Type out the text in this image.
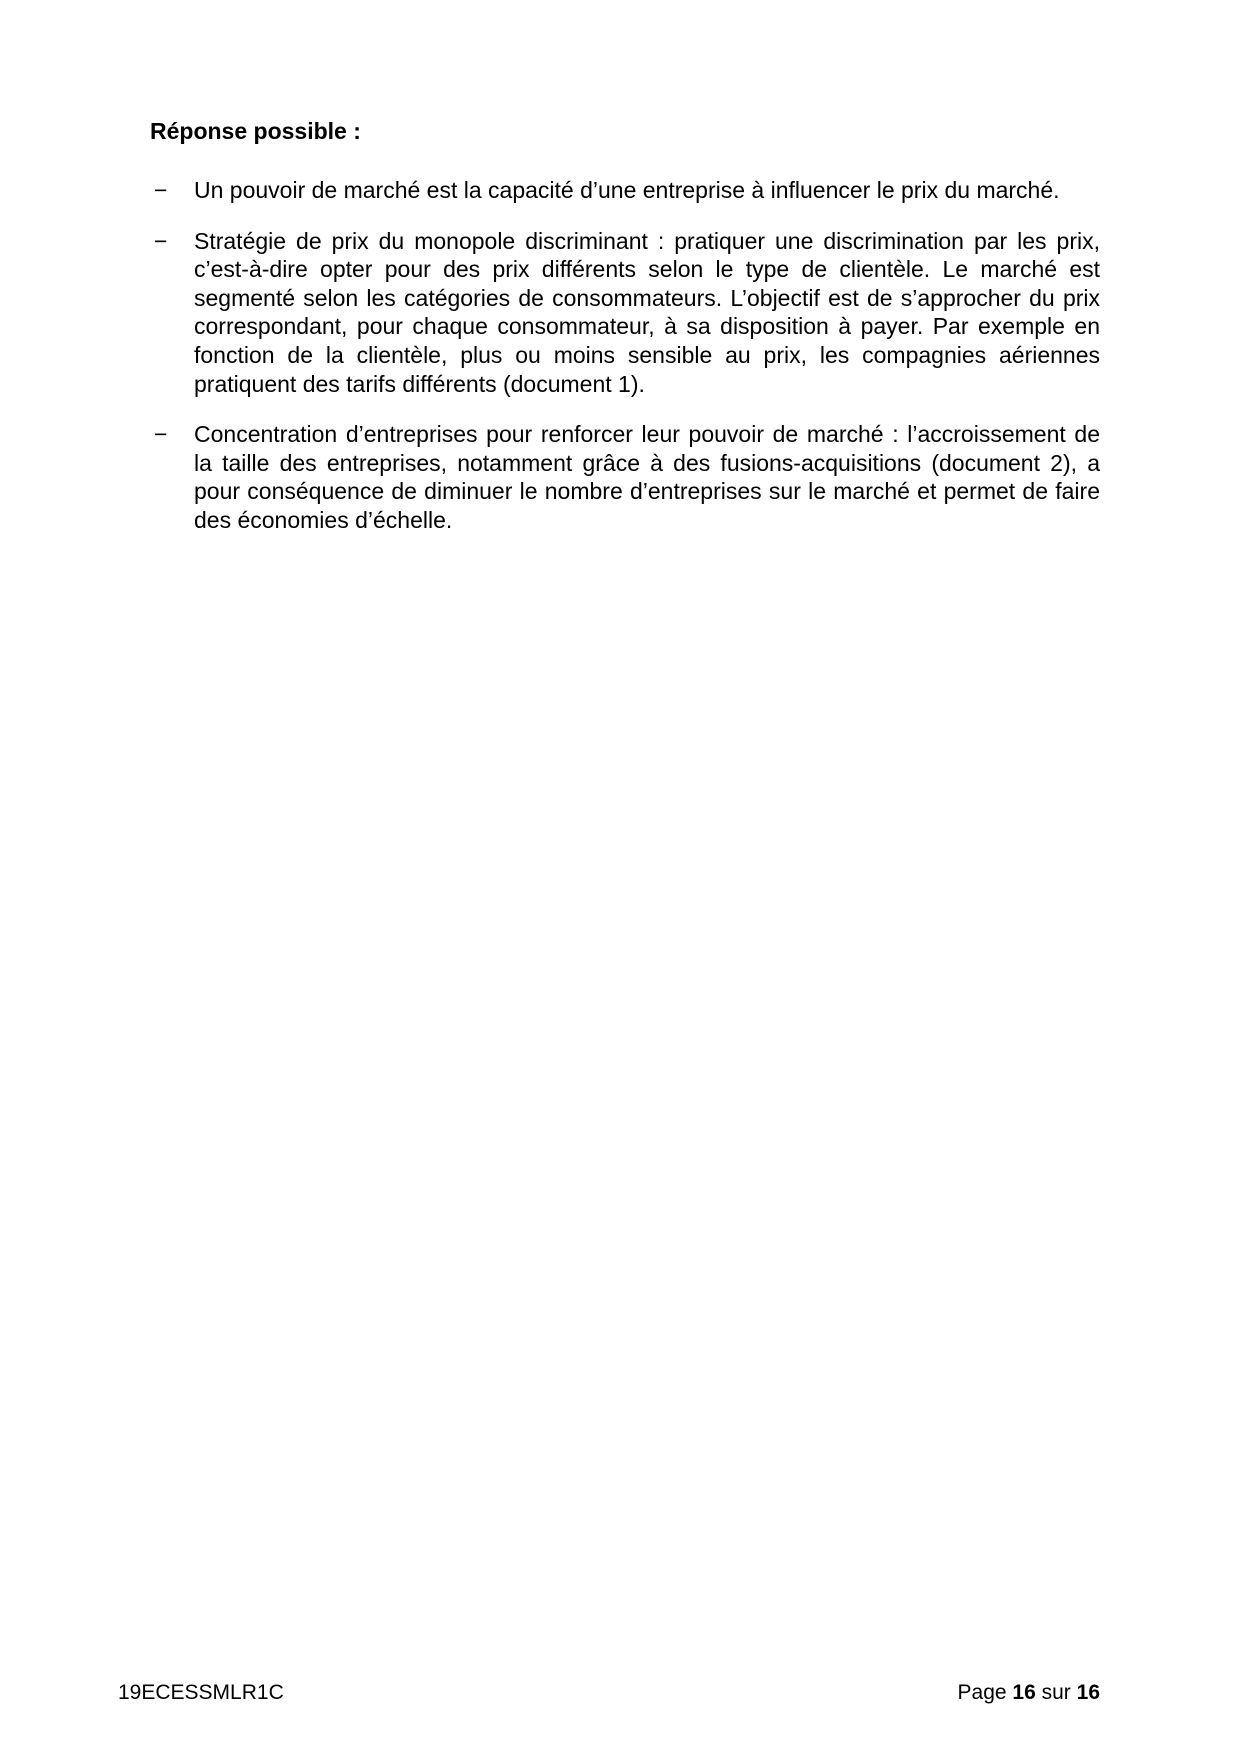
Réponse possible :
− Un pouvoir de marché est la capacité d’une entreprise à influencer le prix du marché.
− Stratégie de prix du monopole discriminant : pratiquer une discrimination par les prix, c’est-à-dire opter pour des prix différents selon le type de clientèle. Le marché est segmenté selon les catégories de consommateurs. L’objectif est de s’approcher du prix correspondant, pour chaque consommateur, à sa disposition à payer. Par exemple en fonction de la clientèle, plus ou moins sensible au prix, les compagnies aériennes pratiquent des tarifs différents (document 1).
− Concentration d’entreprises pour renforcer leur pouvoir de marché : l’accroissement de la taille des entreprises, notamment grâce à des fusions-acquisitions (document 2), a pour conséquence de diminuer le nombre d’entreprises sur le marché et permet de faire des économies d’échelle.
19ECESSMLR1C	Page 16 sur 16
